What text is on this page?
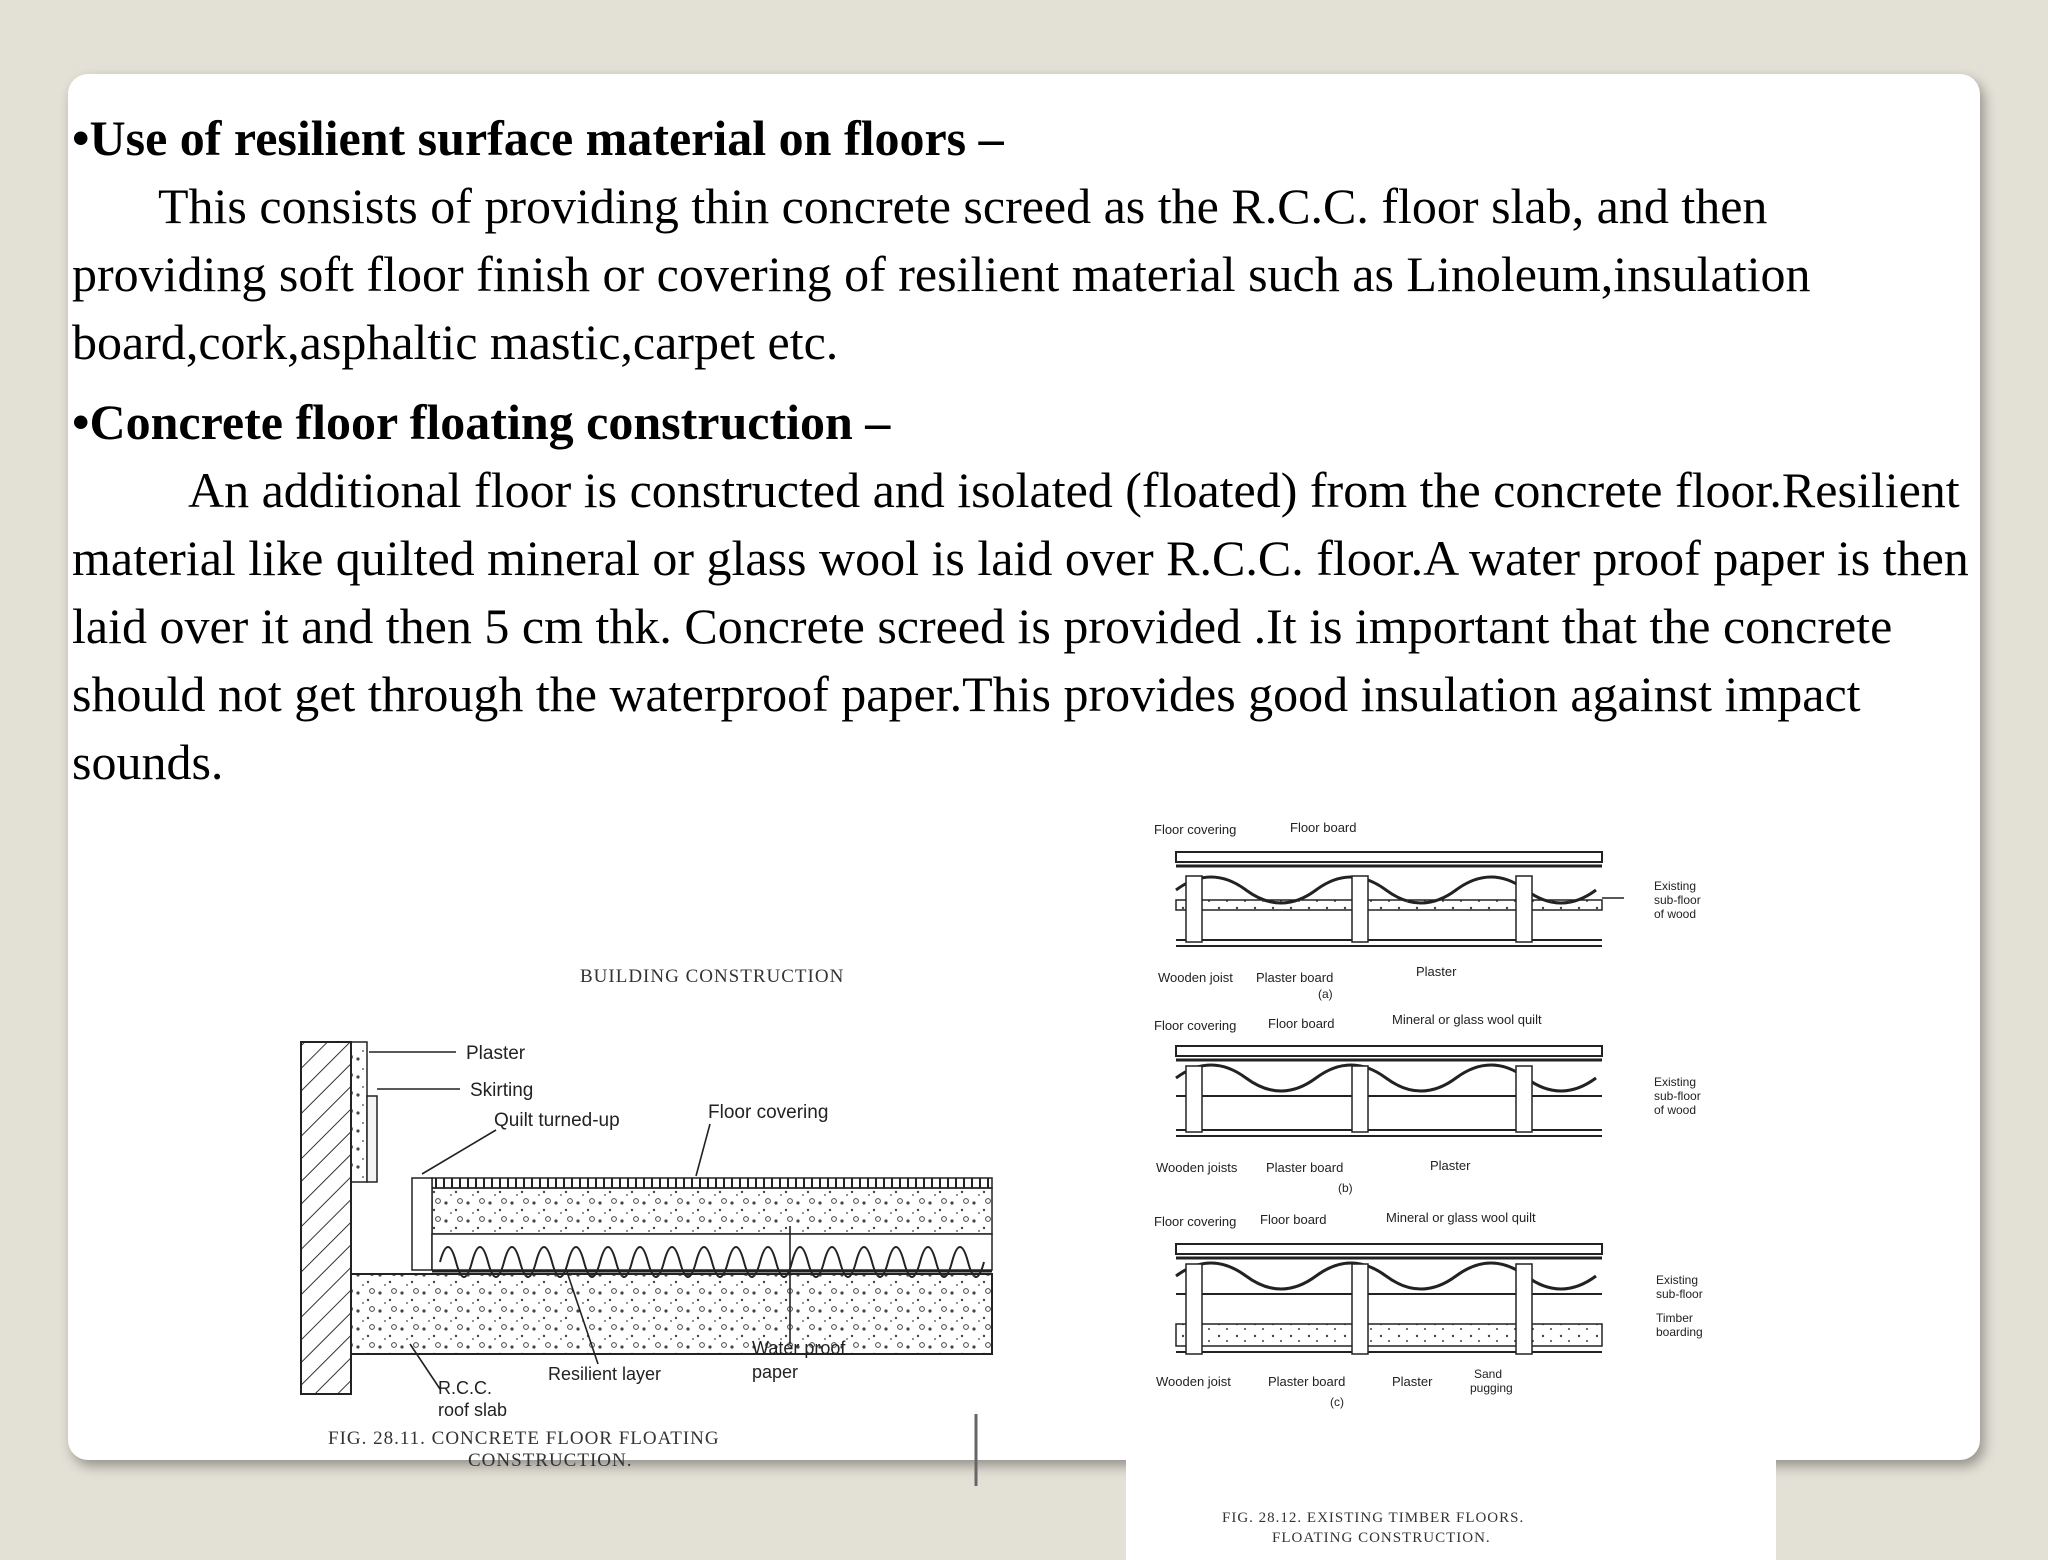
•Use of resilient surface material on floors –

This consists of providing thin concrete screed as the R.C.C. floor slab, and then providing soft floor finish or covering of resilient material such as Linoleum,insulation board,cork,asphaltic mastic,carpet etc.

•Concrete floor floating construction –

An additional floor is constructed and isolated (floated) from the concrete floor.Resilient material like quilted mineral or glass wool is laid over R.C.C. floor.A water proof paper is then laid over it and then 5 cm thk. Concrete screed is provided .It is important that the concrete should not get through the waterproof paper.This provides good insulation against impact sounds.

BUILDING CONSTRUCTION
Plaster
Skirting
Quilt turned-up	Floor covering
Water proof
paper
Resilient layer
R.C.C.
roof slab
FIG. 28.11. CONCRETE FLOOR FLOATING
CONSTRUCTION.
Floor covering	Floor board
Existing
sub-floor
of wood
Wooden joist Plaster board	Plaster
(a)
Floor covering Floor board	Mineral or glass wool quilt
Existing
sub-floor
of wood
Wooden joists Plaster board	Plaster
(b)
Floor covering Floor board	Mineral or glass wool quilt
Existing
sub-floor
Timber
boarding
Wooden joist	Plaster board	Plaster	Sand
pugging
(c)
FIG. 28.12. EXISTING TIMBER FLOORS.
FLOATING CONSTRUCTION.
